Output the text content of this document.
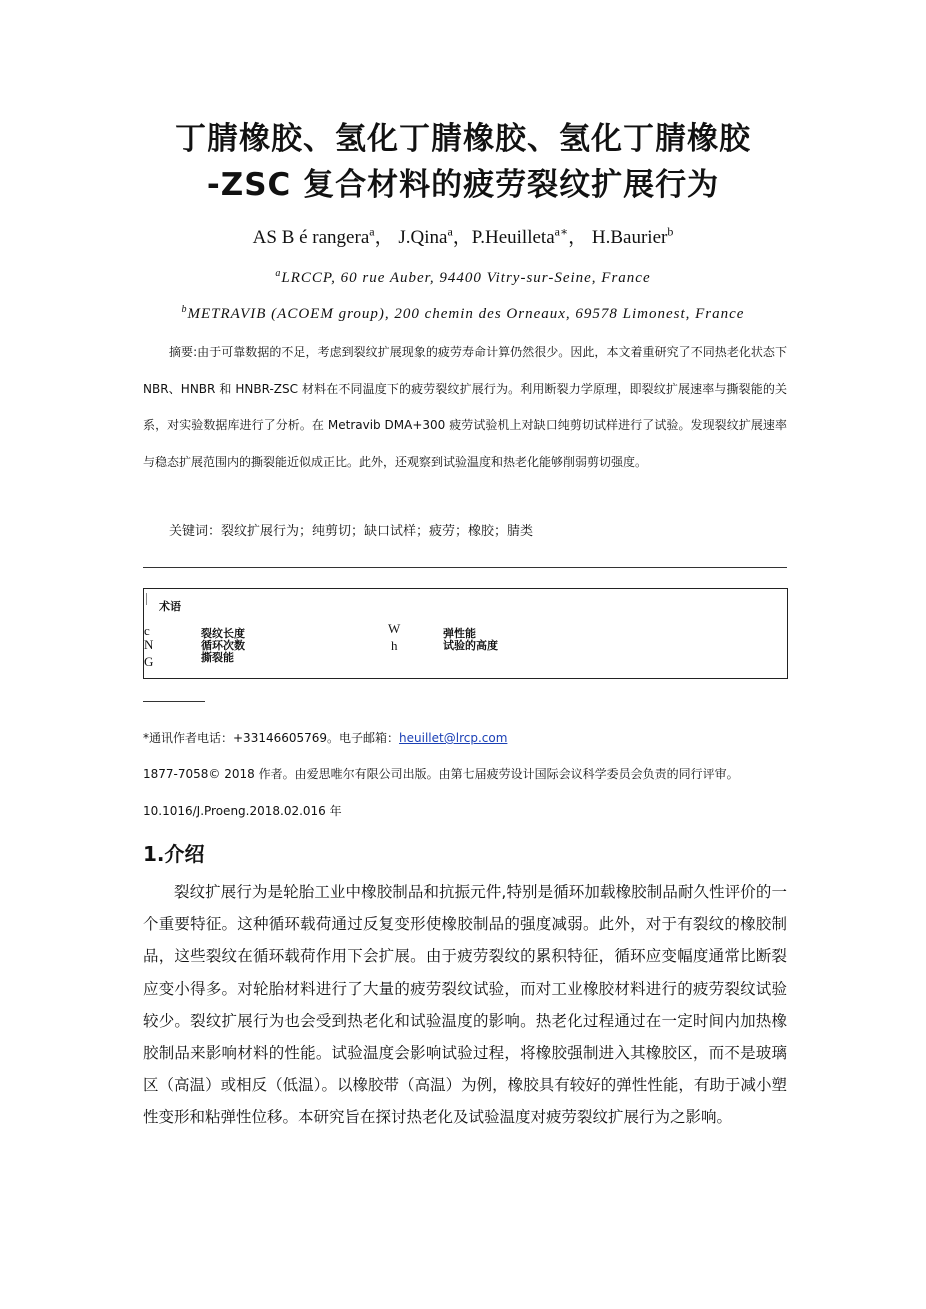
丁腈橡胶、氢化丁腈橡胶、氢化丁腈橡胶
-ZSC 复合材料的疲劳裂纹扩展行为
AS B é rangera$^a$， J.Qina$^a$，P.Heuilleta$^{a∗}$， H.Baurier$^b$
$^a$LRCCP, 60 rue Auber, 94400 Vitry-sur-Seine, France
$^b$METRAVIB (ACOEM group), 200 chemin des Orneaux, 69578 Limonest, France
摘要:由于可靠数据的不足，考虑到裂纹扩展现象的疲劳寿命计算仍然很少。因此，本文着重研究了不同热老化状态下 NBR、HNBR 和 HNBR-ZSC 材料在不同温度下的疲劳裂纹扩展行为。利用断裂力学原理，即裂纹扩展速率与撕裂能的关系，对实验数据库进行了分析。在 Metravib DMA+300 疲劳试验机上对缺口纯剪切试样进行了试验。发现裂纹扩展速率与稳态扩展范围内的撕裂能近似成正比。此外，还观察到试验温度和热老化能够削弱剪切强度。
关键词：裂纹扩展行为；纯剪切；缺口试样；疲劳；橡胶；腈类
术语
c	裂纹长度
N	循环次数
G	撕裂能
W	弹性能
h	试验的高度
*通讯作者电话：+33146605769。电子邮箱：heuillet@lrcp.com
1877-7058© 2018 作者。由爱思唯尔有限公司出版。由第七届疲劳设计国际会议科学委员会负责的同行评审。10.1016/J.Proeng.2018.02.016 年
1.介绍
裂纹扩展行为是轮胎工业中橡胶制品和抗振元件,特别是循环加载橡胶制品耐久性评价的一个重要特征。这种循环载荷通过反复变形使橡胶制品的强度减弱。此外，对于有裂纹的橡胶制品，这些裂纹在循环载荷作用下会扩展。由于疲劳裂纹的累积特征，循环应变幅度通常比断裂应变小得多。对轮胎材料进行了大量的疲劳裂纹试验，而对工业橡胶材料进行的疲劳裂纹试验较少。裂纹扩展行为也会受到热老化和试验温度的影响。热老化过程通过在一定时间内加热橡胶制品来影响材料的性能。试验温度会影响试验过程，将橡胶强制进入其橡胶区，而不是玻璃区（高温）或相反（低温）。以橡胶带（高温）为例，橡胶具有较好的弹性性能，有助于减小塑性变形和粘弹性位移。本研究旨在探讨热老化及试验温度对疲劳裂纹扩展行为之影响。
